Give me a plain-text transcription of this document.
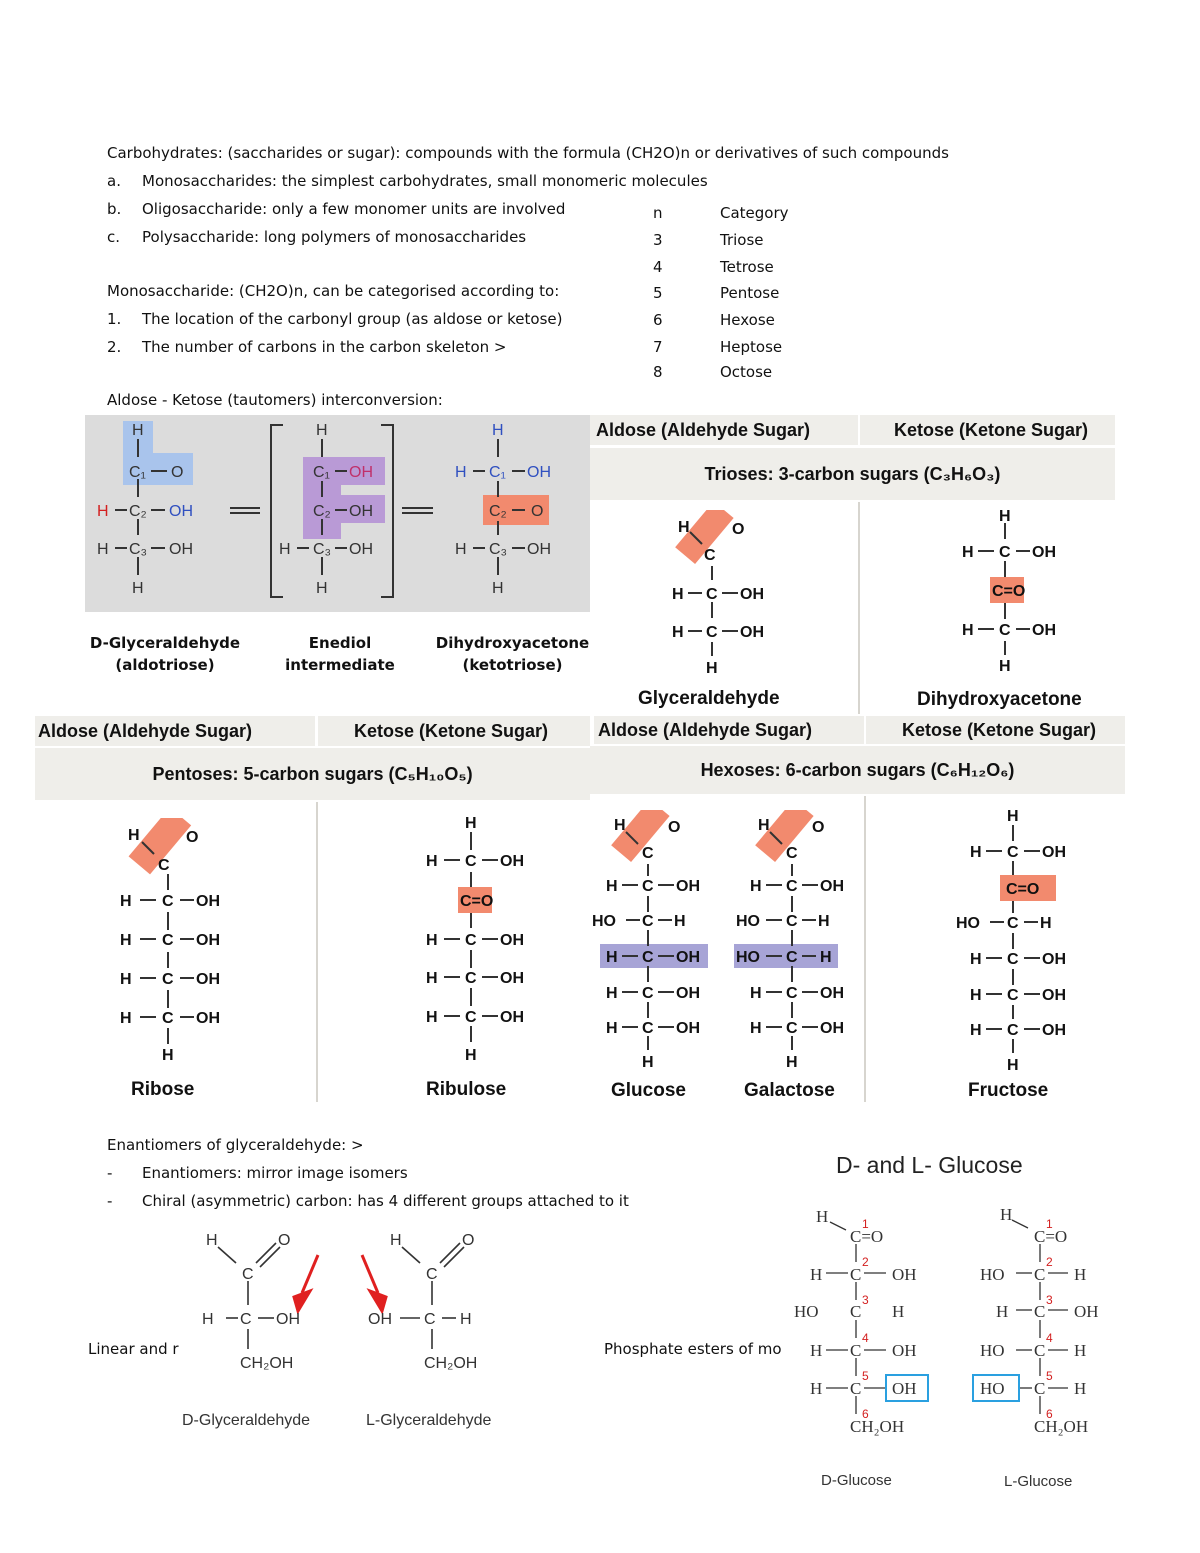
Carbohydrates: (saccharides or sugar): compounds with the formula (CH2O)n or derivatives of such compounds
a. Monosaccharides: the simplest carbohydrates, small monomeric molecules
b. Oligosaccharide: only a few monomer units are involved
c. Polysaccharide: long polymers of monosaccharides
Monosaccharide: (CH2O)n, can be categorised according to:
1. The location of the carbonyl group (as aldose or ketose)
2. The number of carbons in the carbon skeleton >
n	Category
3	Triose
4	Tetrose
5	Pentose
6	Hexose
7	Heptose
8	Octose
Aldose - Ketose (tautomers) interconversion:
H
C₁ O
H C₂ OH
H C₃ OH
H
H
C₁ OH
C₂ OH
H C₃ OH
H
H
H C₁ OH
C₂ O
H C₃ OH
H
D-Glyceraldehyde
(aldotriose)
Enediol
intermediate
Dihydroxyacetone
(ketotriose)
Aldose (Aldehyde Sugar)	Ketose (Ketone Sugar)
Trioses: 3-carbon sugars (C₃H₆O₃)
H
C
O
H C OH
H C OH
H
Glyceraldehyde
H
H C OH
C=O
H C OH
H
Dihydroxyacetone
Aldose (Aldehyde Sugar)	Ketose (Ketone Sugar)
Pentoses: 5-carbon sugars (C₅H₁₀O₅)
H
C
O
H C OH
H C OH
H C OH
H C OH
H
Ribose
H
H C OH
C=O
H C OH
H C OH
H C OH
H
Ribulose
Aldose (Aldehyde Sugar)	Ketose (Ketone Sugar)
Hexoses: 6-carbon sugars (C₆H₁₂O₆)
H
C
O
H C OH
HO C H
H C OH
H C OH
H C OH
H
Glucose
H
C
O
H C OH
HO C H
HO C H
H C OH
H C OH
H
Galactose
H
H C OH
C=O
HO C H
H C OH
H C OH
H C OH
H
Fructose
Enantiomers of glyceraldehyde: >
- Enantiomers: mirror image isomers
- Chiral (asymmetric) carbon: has 4 different groups attached to it
Linear and r	Phosphate esters of mo
H	O
C
H C OH
CH₂OH
H	O
C
OH C H
CH₂OH
D-Glyceraldehyde	L-Glyceraldehyde
D- and L- Glucose
H
C=O
H C OH
HO C H
H C OH
H C OH
CH₂OH
H
C=O
HO C H
H C OH
HO C H
HO C H
CH₂OH
1
2
3
4
5
6
1
2
3
4
5
6
D-Glucose	L-Glucose
